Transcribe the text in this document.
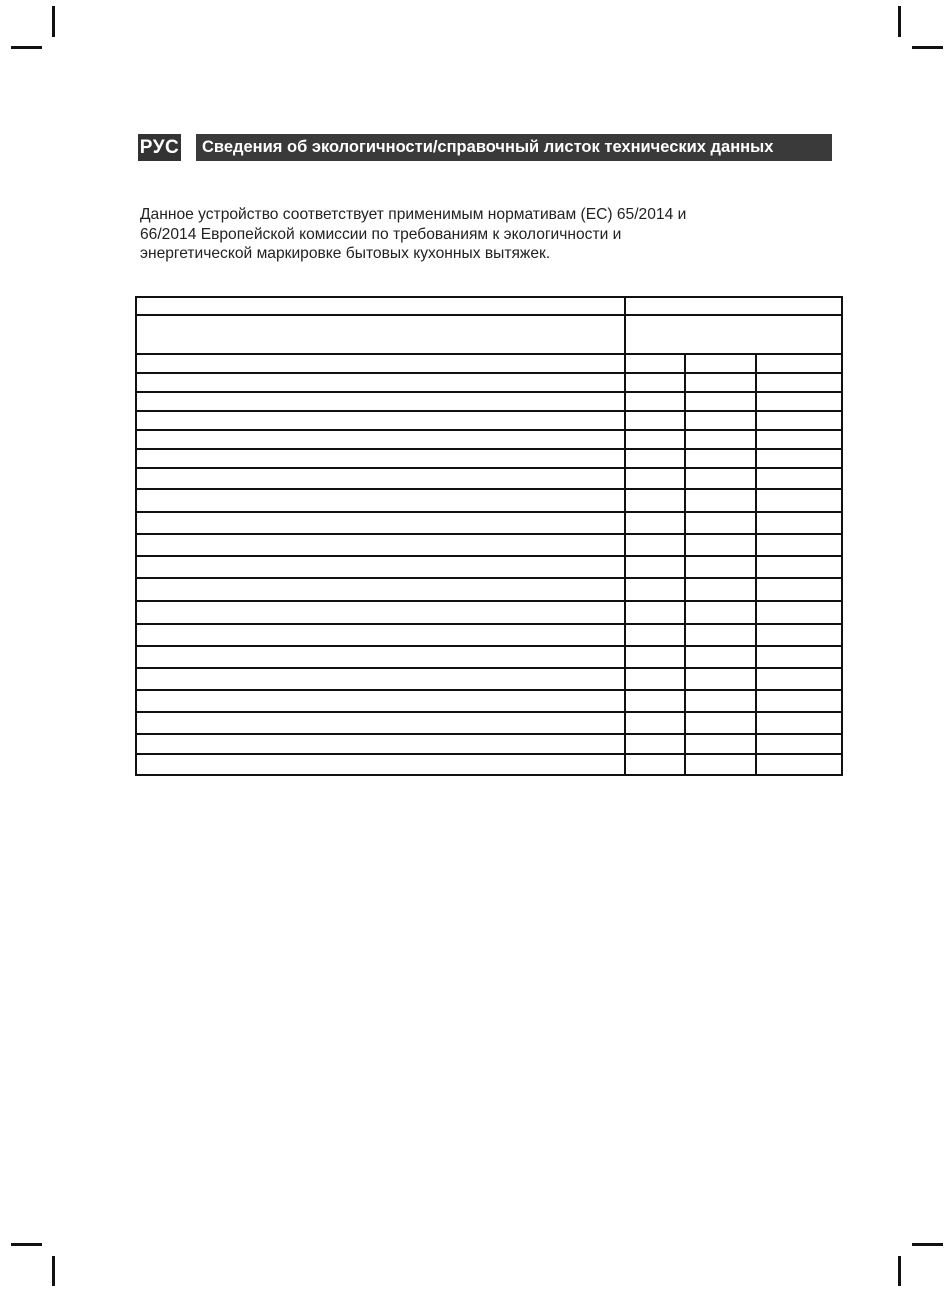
РУС	Сведения об экологичности/справочный листок технических данных

Данное устройство соответствует применимым нормативам (ЕС) 65/2014 и
66/2014 Европейской комиссии по требованиям к экологичности и
энергетической маркировке бытовых кухонных вытяжек.
